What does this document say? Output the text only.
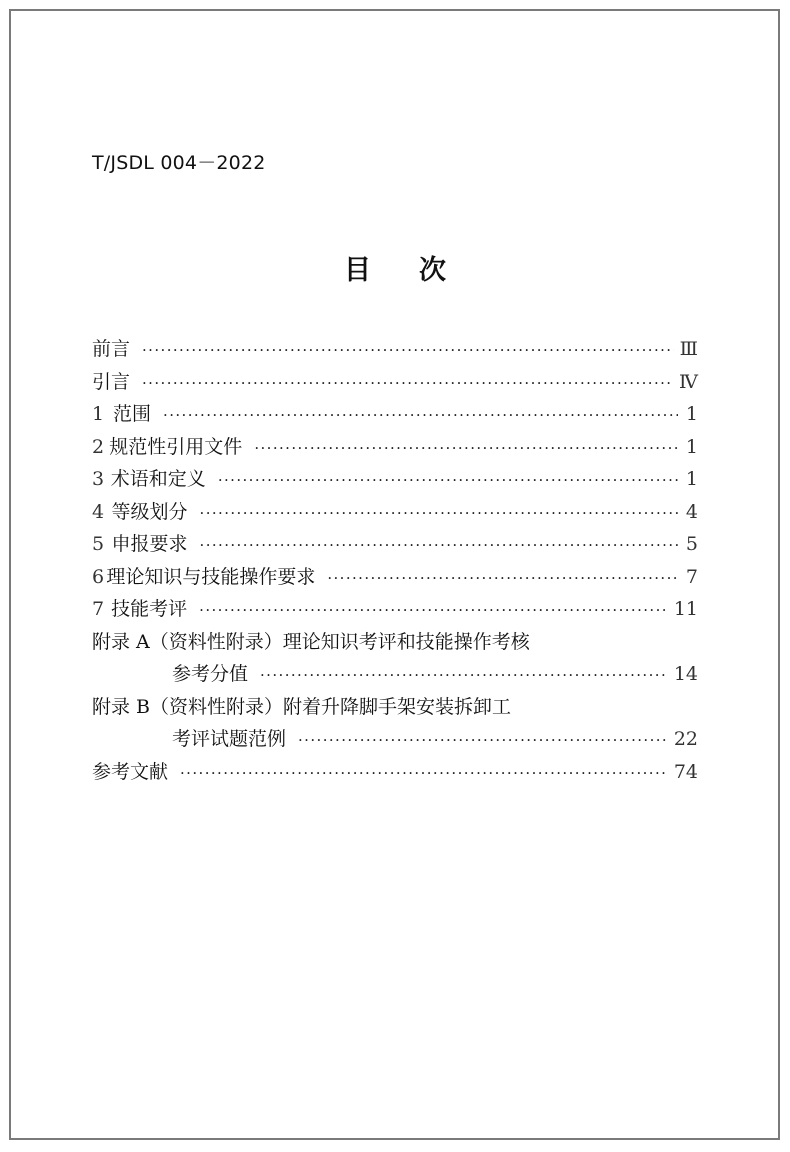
T/JSDL 004－2022
目次
前言 ·····	Ⅲ
引言 ·····	Ⅳ
1 范围 ·····	1
2 规范性引用文件 ·····	1
3 术语和定义 ·····	1
4 等级划分 ·····	4
5 申报要求 ·····	5
6 理论知识与技能操作要求 ·····	7
7 技能考评 ·····	11
附录 A（资料性附录）理论知识考评和技能操作考核
参考分值 ·····	14
附录 B（资料性附录）附着升降脚手架安装拆卸工
考评试题范例 ·····	22
参考文献 ·····	74
